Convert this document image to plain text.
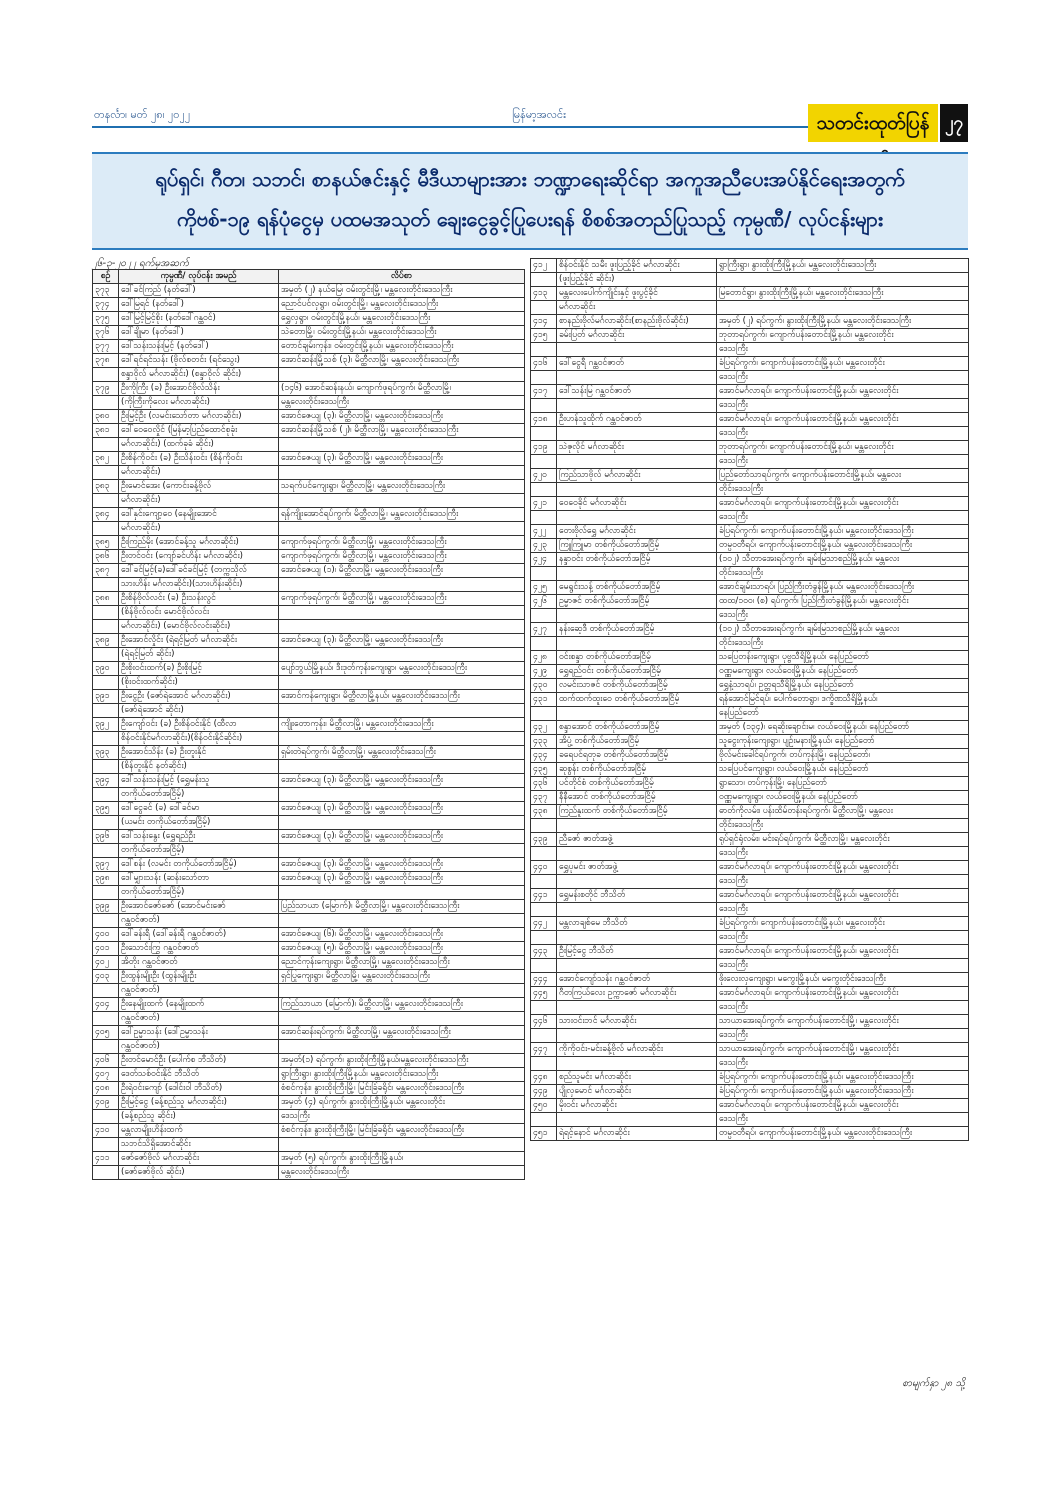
တနင်္လာ၊ မတ် ၂၈၊ ၂၀၂၂	မြန်မာ့အလင်း	သတင်းထုတ်ပြန် ၂၇
ရုပ်ရှင်၊ ဂီတ၊ သဘင်၊ စာနယ်ဇင်းနှင့် မီဒီယာများအား ဘဏ္ဍာရေးဆိုင်ရာ အကူအညီပေးအပ်နိုင်ရေးအတွက်
ကိုဗစ်-၁၉ ရန်ပုံငွေမှ ပထမအသုတ် ချေးငွေခွင့်ပြုပေးရန် စိစစ်အတည်ပြုသည့် ကုမ္ပဏီ/ လုပ်ငန်းများ
၂၆-၃-၂၀၂၂ ရက်မှအဆက်
စဉ်	ကုမ္ပဏီ/ လုပ်ငန်း အမည်	လိပ်စာ
၃၇၃	ဒေါ်ခင်ကြည် (နတ်ဒေါ်)	အမှတ် (၂) နယ်မြေ၊ ဝမ်းတွင်းမြို့၊ မန္တလေးတိုင်းဒေသကြီး
၃၇၄	ဒေါ်မြရင် (နတ်ဒေါ်)	ညောင်ပင်လှရွာ၊ ဝမ်းတွင်းမြို့၊ မန္တလေးတိုင်းဒေသကြီး
၃၇၅	ဒေါ်မြင့်မြင့်စိုး (နတ်ဒေါ်ဂန္ထဝင်)	ရွှေလှရွာ၊ ဝမ်းတွင်းမြို့နယ်၊ မန္တလေးတိုင်းဒေသကြီး
၃၇၆	ဒေါ်ချိုမာ (နတ်ဒေါ်)	သဲတောမြို့၊ ဝမ်းတွင်းမြို့နယ်၊ မန္တလေးတိုင်းဒေသကြီး
၃၇၇	ဒေါ်သန်းသန်းမြင့် (နတ်ဒေါ်)	တောင်ချမ်းကုန်း၊ ဝမ်းတွင်းမြို့နယ်၊ မန္တလေးတိုင်းဒေသကြီး
၃၇၈	ဒေါ်ရင်ရင်သန်း (ဗိုလ်စတင်း (ရင်သွေး)	အောင်ဆန်းမြို့သစ် (၃)၊ မိတ္ထီလာမြို့၊ မန္တလေးတိုင်းဒေသကြီး
	စန္ဒာဝိုလ် မင်္ဂလာဆိုင်း) (စန္ဒာဝိုလ် ဆိုင်း)	
၃၇၉	ဦးကိုကြီး (ခ) ဦးအောင်ဗိုလ်သိန်း	(၁၄၆) အောင်ဆန်းနယ်၊ ကျောက်ဖုရပ်ကွက်၊ မိတ္ထီလာမြို့၊
	(ကိုကြီးကိုလေး မင်္ဂလာဆိုင်း)	မန္တလေးတိုင်းဒေသကြီး
၃၈၀	ဦးမြင့်ဦး (လမင်းသော်တာ မင်္ဂလာဆိုင်း)	အောင်ဇေယျ (၃)၊ မိတ္ထီလာမြို့၊ မန္တလေးတိုင်းဒေသကြီး
၃၈၁	ဒေါ်ဝေဝေလှိုင် (မြန်မာ့ပြည်ထောင်စုခုံး	အောင်ဆန်းမြို့သစ် (၂)၊ မိတ္ထီလာမြို့၊ မန္တလေးတိုင်းဒေသကြီး
	မင်္ဂလာဆိုင်း) (ထက်ခုခံ ဆိုင်း)	
၃၈၂	ဦးစိန်ကိုဝင်း (ခ) ဦးသိန်းဝင်း (စိန်ကိုဝင်း	အောင်ဇေယျ (၃)၊ မိတ္ထီလာမြို့၊ မန္တလေးတိုင်းဒေသကြီး
	မင်္ဂလာဆိုင်း)	
၃၈၃	ဦးမောင်အေး (ကောင်းခန့်ဗိုလ်	သရက်ပင်ကျေးရွာ၊ မိတ္ထီလာမြို့၊ မန္တလေးတိုင်းဒေသကြီး
	မင်္ဂလာဆိုင်း)	
၃၈၄	ဒေါ်နှင်းကျော့ဝေ (နေမျိုးအောင်	ရန်ကျိုးအောင်ရပ်ကွက်၊ မိတ္ထီလာမြို့၊ မန္တလေးတိုင်းဒေသကြီး
	မင်္ဂလာဆိုင်း)	
၃၈၅	ဦးကြည်မိုး (အောင်ခန့်သူ မင်္ဂလာဆိုင်း)	ကျောက်ဖုရပ်ကွက်၊ မိတ္ထီလာမြို့၊ မန္တလေးတိုင်းဒေသကြီး
၃၈၆	ဦးတင်ဝင်း (ကျော်ခင်ဟိန်း မင်္ဂလာဆိုင်း)	ကျောက်ဖုရပ်ကွက်၊ မိတ္ထီလာမြို့၊ မန္တလေးတိုင်းဒေသကြီး
၃၈၇	ဒေါ်ခင်မြင့်(ခ)ဒေါ်ခင်ခင်မြင့် (တက္ကသိုလ်	အောင်ဇေယျ (၁)၊ မိတ္ထီလာမြို့၊ မန္တလေးတိုင်းဒေသကြီး
	သားဟိန်း မင်္ဂလာဆိုင်း)(သားဟိန်းဆိုင်း)	
၃၈၈	ဦးစိန်ဗိုလ်လင်း (ခ) ဦးသန်းလွင်	ကျောက်ဖုရပ်ကွက်၊ မိတ္ထီလာမြို့၊ မန္တလေးတိုင်းဒေသကြီး
	(စိန်ဗိုလ်လင်း မောင်ဗိုလ်လင်း	
	မင်္ဂလာဆိုင်း) (မောင်ဗိုလ်လင်းဆိုင်း)	
၃၈၉	ဦးအောင်လှိုင်း (ရဲရင့်မြတ် မင်္ဂလာဆိုင်း	အောင်ဇေယျ (၃)၊ မိတ္ထီလာမြို့၊ မန္တလေးတိုင်းဒေသကြီး
	(ရဲရင့်မြတ် ဆိုင်း)	
၃၉၀	ဦးစိုးဝင်းထက်(ခ) ဦးစိုးမြင့်	ပျော်ဘွယ်မြို့နယ်၊ ဒီးဒုတ်ကုန်းကျေးရွာ၊ မန္တလေးတိုင်းဒေသကြီး
	(စိုးဝင်းထက်ဆိုင်း)	
၃၉၁	ဦးငွေဦး (ဇော်ရဲအောင် မင်္ဂလာဆိုင်း)	အောင်ကန်ကျေးရွာ၊ မိတ္ထီလာမြို့နယ်၊ မန္တလေးတိုင်းဒေသကြီး
	(ဇော်ရဲအောင် ဆိုင်း)	
၃၉၂	ဦးကျော်ဝင်း (ခ) ဦးစိန်ဝင်းနိုင် (ထီလာ	ကျိုးတောကုန်း၊ မိတ္ထီလာမြို့၊ မန္တလေးတိုင်းဒေသကြီး
	စိန်ဝင်းနိုင်မင်္ဂလာဆိုင်း)(စိန်ဝင်းနိုင်ဆိုင်း)	
၃၉၃	ဦးအောင်သိန်း (ခ) ဦးတူးနိုင်	ရှမ်းတဲရပ်ကွက်၊ မိတ္ထီလာမြို့၊ မန္တလေးတိုင်းဒေသကြီး
	(စိန်တူးနိုင် နတ်ဆိုင်း)	
၃၉၄	ဒေါ်သန်းသန်းမြင့် (ရွှေမန်းသူ	အောင်ဇေယျ (၃)၊ မိတ္ထီလာမြို့၊ မန္တလေးတိုင်းဒေသကြီး
	တကိုယ်တော်အငြိမ့်)	
၃၉၅	ဒေါ်ငွေခင် (ခ) ဒေါ်ခင်မာ	အောင်ဇေယျ (၃)၊ မိတ္ထီလာမြို့၊ မန္တလေးတိုင်းဒေသကြီး
	(ယမင်း တကိုယ်တော်အငြိမ့်)	
၃၉၆	ဒေါ်သန်းနွေး (ရွှေရည်ဦး	အောင်ဇေယျ (၃)၊ မိတ္ထီလာမြို့၊ မန္တလေးတိုင်းဒေသကြီး
	တကိုယ်တော်အငြိမ့်)	
၃၉၇	ဒေါ်စန်း (လမင်း တကိုယ်တော်အငြိမ့်)	အောင်ဇေယျ (၃)၊ မိတ္ထီလာမြို့၊ မန္တလေးတိုင်းဒေသကြီး
၃၉၈	ဒေါ်မျှားသန်း (ဆန်းသော်တာ	အောင်ဇေယျ (၃)၊ မိတ္ထီလာမြို့၊ မန္တလေးတိုင်းဒေသကြီး
	တကိုယ်တော်အငြိမ့်)	
၃၉၉	ဦးအောင်ဇော်ဇော် (အောင်မင်းဇော်	ပြည်သာယာ (မြောက်)၊ မိတ္ထီလာမြို့၊ မန္တလေးတိုင်းဒေသကြီး
	ဂန္ထဝင်ဇာတ်)	
၄၀၀	ဒေါ်ခန်းရီ (ဒေါ်ခန်းရီ ဂန္ထဝင်ဇာတ်)	အောင်ဇေယျ (၆)၊ မိတ္ထီလာမြို့၊ မန္တလေးတိုင်းဒေသကြီး
၄၀၁	ဦးသောင်းကြွ ဂန္ထဝင်ဇာတ်	အောင်ဇေယျ (၅)၊ မိတ္ထီလာမြို့၊ မန္တလေးတိုင်းဒေသကြီး
၄၀၂	အိတိုး ဂန္ထဝင်ဇာတ်	ညောင်ကုန်းကျေးရွာ၊ မိတ္ထီလာမြို့၊ မန္တလေးတိုင်းဒေသကြီး
၄၀၃	ဦးထွန်းမျိုးဦး (ထွန်းမျိုးဦး	ရှင်ပြုကျေးရွာ၊ မိတ္ထီလာမြို့၊ မန္တလေးတိုင်းဒေသကြီး
	ဂန္ထဝင်ဇာတ်)	
၄၀၄	ဦးနေမျိုးထက် (နေမျိုးထက်	ကြည်သာယာ (မြောက်)၊ မိတ္ထီလာမြို့၊ မန္တလေးတိုင်းဒေသကြီး
	ဂန္ထဝင်ဇာတ်)	
၄၀၅	ဒေါ်ဥမ္မာသန်း (ဒေါ်ဥမ္မာသန်း	အောင်ဆန်းရပ်ကွက်၊ မိတ္ထီလာမြို့၊ မန္တလေးတိုင်းဒေသကြီး
	ဂန္ထဝင်ဇာတ်)	
၄၀၆	ဦးတင်မောင်ဦး (ပေါက်စ ဘီသိတ်)	အမှတ်(၁) ရပ်ကွက်၊ နွားထိုးကြီးမြို့နယ်၊မန္တလေးတိုင်းဒေသကြီး
၄၀၇	ဒေတ်သစ်ဝင်းနိုင် ဘီသိတ်	ရွာကြီးရွာ၊ နွားထိုးကြီးမြို့နယ်၊ မန္တလေးတိုင်းဒေသကြီး
၄၀၈	ဦးရဲဝင်းကျော် (ဒေါင်းဝါ ဘီသိတ်)	စံစင်ကုန်း၊ နွားထိုးကြီးမြို့၊ မြင်းခြံခရိုင်၊ မန္တလေးတိုင်းဒေသကြီး
၄၀၉	ဦးမြင့်ငွေ (ခန့်စည်သူ မင်္ဂလာဆိုင်း)	အမှတ် (၄) ရပ်ကွက်၊ နွားထိုးကြီးမြို့နယ်၊ မန္တလေးတိုင်း
	(ခန့်စည်သူ ဆိုင်း)	ဒေသကြီး
၄၁၀	မန္တလာမျိုးဟိန်းထက်	စံစင်ကုန်း၊ နွားထိုးကြီးမြို့၊ မြင်းခြံခရိုင်၊ မန္တလေးတိုင်းဒေသကြီး
	သဘင်သိရှိအောင်ဆိုင်း	
၄၁၁	ဇော်ဇော်ဗိုလ် မင်္ဂလာဆိုင်း	အမှတ် (၅) ရပ်ကွက်၊ နွားထိုးကြီးမြို့နယ်၊
	(ဇော်ဇော်ဗိုလ် ဆိုင်း)	မန္တလေးတိုင်းဒေသကြီး
၄၁၂	စိန်ဝင်းနိုင် သမီး ဖူးပြည့်ခိုင် မင်္ဂလာဆိုင်း	ရွာကြီးရွာ၊ နွားထိုးကြီးမြို့နယ်၊ မန္တလေးတိုင်းဒေသကြီး
	(ဖူးပြည့်ခိုင် ဆိုင်း)	
၄၁၃	မန္တလေးပေါက်ကျိုင်းနှင့် ဖူးပွင့်ခိုင်	မြတောင်ရွာ၊ နွားထိုးကြီးမြို့နယ်၊ မန္တလေးတိုင်းဒေသကြီး
	မင်္ဂလာဆိုင်း	
၄၁၄	စာနည်းဗိုလ်မင်္ဂလာဆိုင်း(စာနည်းဗိုလ်ဆိုင်း)	အမှတ် (၂) ရပ်ကွက်၊ နွားထိုးကြီးမြို့နယ်၊ မန္တလေးတိုင်းဒေသကြီး
၄၁၅	ခမ်းပြတ် မင်္ဂလာဆိုင်း	ဘုတာရပ်ကွက်၊ ကျောက်ပန်းတောင်းမြို့နယ်၊ မန္တလေးတိုင်း
		ဒေသကြီး
၄၁၆	ဒေါ်ငွေရီ ဂန္ထဝင်ဇာတ်	ခံပြရပ်ကွက်၊ ကျောက်ပန်းတောင်းမြို့နယ်၊ မန္တလေးတိုင်း
		ဒေသကြီး
၄၁၇	ဒေါ်သန်းမြ ဂန္ထဝင်ဇာတ်	အောင်မင်္ဂလာရပ်၊ ကျောက်ပန်းတောင်းမြို့နယ်၊ မန္တလေးတိုင်း
		ဒေသကြီး
၄၁၈	ဦးဟန်သူထိုက် ဂန္ထဝင်ဇာတ်	အောင်မင်္ဂလာရပ်၊ ကျောက်ပန်းတောင်းမြို့နယ်၊ မန္တလေးတိုင်း
		ဒေသကြီး
၄၁၉	သဲဇုလိုင် မင်္ဂလာဆိုင်း	ဘုတာရပ်ကွက်၊ ကျောက်ပန်းတောင်းမြို့နယ်၊ မန္တလေးတိုင်း
		ဒေသကြီး
၄၂၀	ကြည်သာဗိုလ် မင်္ဂလာဆိုင်း	ပြည်တော်သာရပ်ကွက်၊ ကျောက်ပန်းတောင်းမြို့နယ်၊ မန္တလေး
		တိုင်းဒေသကြီး
၄၂၁	ဝေဝေခိုင် မင်္ဂလာဆိုင်း	အောင်မင်္ဂလာရပ်၊ ကျောက်ပန်းတောင်းမြို့နယ်၊ မန္တလေးတိုင်း
		ဒေသကြီး
၄၂၂	တေးဗိုလ်ရွှေ မင်္ဂလာဆိုင်း	ခံပြရပ်ကွက်၊ ကျောက်ပန်းတောင်းမြို့နယ်၊ မန္တလေးတိုင်းဒေသကြီး
၄၂၃	ကြူကြူမာ တစ်ကိုယ်တော်အငြိမ့်	တမ္ပဝတီရပ်၊ ကျောက်ပန်းတောင်းမြို့နယ်၊ မန္တလေးတိုင်းဒေသကြီး
၄၂၄	နန္ဒာဝင်း တစ်ကိုယ်တော်အငြိမ့်	(၁၀၂) သီတာအေးရပ်ကွက်၊ ချမ်းမြသာစည်မြို့နယ်၊ မန္တလေး
		တိုင်းဒေသကြီး
၄၂၅	မေရွင်းသန့် တစ်ကိုယ်တော်အငြိမ့်	အောင်ချမ်းသာရပ်၊ ပြည်ကြီးတံခွန်မြို့နယ်၊ မန္တလေးတိုင်းဒေသကြီး
၄၂၆	ဥမ္မာဇင် တစ်ကိုယ်တော်အငြိမ့်	ထထ/၁၀၀၊ (စ) ရပ်ကွက်၊ ပြည်ကြီးတံခွန်မြို့နယ်၊ မန္တလေးတိုင်း
		ဒေသကြီး
၄၂၇	နန်းဆေ့ဒီ တစ်ကိုယ်တော်အငြိမ့်	(၁၀၂) သီတာအေးရပ်ကွက်၊ ချမ်းမြသာစည်မြို့နယ်၊ မန္တလေး
		တိုင်းဒေသကြီး
၄၂၈	ဝင်းစန္ဒာ တစ်ကိုယ်တော်အငြိမ့်	သပြေတန်းကျေးရွာ၊ ပုဗ္ဗသီရိမြို့နယ်၊ နေပြည်တော်
၄၂၉	ရွှေရည်ဝင်း တစ်ကိုယ်တော်အငြိမ့်	ဝဏ္ဏမကျေးရွာ၊ လယ်ဝေးမြို့နယ်၊ နေပြည်တော်
၄၃၀	လမင်းသာဇင် တစ်ကိုယ်တော်အငြိမ့်	ရွှေနံ့သာရပ်၊ ဥတ္တရသီရိမြို့နယ်၊ နေပြည်တော်
၄၃၁	ထက်ထက်ထူးဝေ တစ်ကိုယ်တော်အငြိမ့်	ရန်အောင်မြင်ရပ်၊ ပေါက်တောရွာ၊ ဒက္ခိဏသီရိမြို့နယ်၊
		နေပြည်တော်
၄၃၂	စန္ဒာအောင် တစ်ကိုယ်တော်အငြိမ့်	အမှတ် (၁၃၄)၊ ရေဆိုးချောင်းမ၊ လယ်ဝေးမြို့နယ်၊ နေပြည်တော်
၄၃၃	အိပ္ပံ့ တစ်ကိုယ်တော်အငြိမ့်	သူငွေးကုန်းကျေးရွာ၊ ပျဉ်းမနားမြို့နယ်၊ နေပြည်တော်
၄၃၄	ခရေပင်ရတုခ တစ်ကိုယ်တော်အငြိမ့်	ဗိုလ်မင်းခေါင်ရပ်ကွက်၊ တပ်ကုန်းမြို့၊ နေပြည်တော်၊
၄၃၅	ဆုစွန်း တစ်ကိုယ်တော်အငြိမ့်	သပြေပင်ကျေးရွာ၊ လယ်ဝေးမြို့နယ်၊ နေပြည်တော်
၄၃၆	ပင်တိုင်စံ တစ်ကိုယ်တော်အငြိမ့်	ရွာသော၊ တပ်ကုန်းမြို့၊ နေပြည်တော်
၄၃၇	နီနီအောင် တစ်ကိုယ်တော်အငြိမ့်	ဝဏ္ဏမကျေးရွာ၊ လယ်ဝေးမြို့နယ်၊ နေပြည်တော်
၄၃၈	ကြည်နူးထက် တစ်ကိုယ်တော်အငြိမ့်	ဓာတ်ကိုလမ်း၊ ပန်းထိမ်တန်းရပ်ကွက်၊ မိတ္ထီလာမြို့၊ မန္တလေး
		တိုင်းဒေသကြီး
၄၃၉	ညီဇော် ဇာတ်အဖွဲ့	ရုပ်ရှင်ရုံလမ်း၊ မင်းရပ်ရပ်ကွက်၊ မိတ္ထီလာမြို့၊ မန္တလေးတိုင်း
		ဒေသကြီး
၄၄၀	ရွှေပုမင်း ဇာတ်အဖွဲ့	အောင်မင်္ဂလာရပ်၊ ကျောက်ပန်းတောင်းမြို့နယ်၊ မန္တလေးတိုင်း
		ဒေသကြီး
၄၄၁	ရွှေမန်းစတိုင် ဘီသိတ်	အောင်မင်္ဂလာရပ်၊ ကျောက်ပန်းတောင်းမြို့နယ်၊ မန္တလေးတိုင်း
		ဒေသကြီး
၄၄၂	မန္တလာချစ်မေ ဘီသိတ်	ခံပြရပ်ကွက်၊ ကျောက်ပန်းတောင်းမြို့နယ်၊ မန္တလေးတိုင်း
		ဒေသကြီး
၄၄၃	ဦးမြင့်ငွေ ဘီသိတ်	အောင်မင်္ဂလာရပ်၊ ကျောက်ပန်းတောင်းမြို့နယ်၊ မန္တလေးတိုင်း
		ဒေသကြီး
၄၄၄	အောင်ကျော်သန်း ဂန္ထဝင်ဇာတ်	ဖိုးလေးလှကျေးရွာ၊ မကွေးမြို့နယ်၊ မကွေးတိုင်းဒေသကြီး
၄၄၅	ဂီတကြယ်လေး ဥက္ကာဇော် မင်္ဂလာဆိုင်း	အောင်မင်္ဂလာရပ်၊ ကျောက်ပန်းတောင်းမြို့နယ်၊ မန္တလေးတိုင်း
		ဒေသကြီး
၄၄၆	သားဝင်းဘင် မင်္ဂလာဆိုင်း	သာယာအေးရပ်ကွက်၊ ကျောက်ပန်းတောင်းမြို့၊ မန္တလေးတိုင်း
		ဒေသကြီး
၄၄၇	ကိုကိုဝင်း-မင်းခန့်ဗိုလ် မင်္ဂလာဆိုင်း	သာယာအေးရပ်ကွက်၊ ကျောက်ပန်းတောင်းမြို့၊ မန္တလေးတိုင်း
		ဒေသကြီး
၄၄၈	စည်သူမင်း မင်္ဂလာဆိုင်း	ခံပြရပ်ကွက်၊ ကျောက်ပန်းတောင်းမြို့နယ်၊ မန္တလေးတိုင်းဒေသကြီး
၄၄၉	ပျိုလှမောင် မင်္ဂလာဆိုင်း	ခံပြရပ်ကွက်၊ ကျောက်ပန်းတောင်းမြို့နယ်၊ မန္တလေးတိုင်းဒေသကြီး
၄၅၀	မိုးဝင်း မင်္ဂလာဆိုင်း	အောင်မင်္ဂလာရပ်၊ ကျောက်ပန်းတောင်းမြို့နယ်၊ မန္တလေးတိုင်း
		ဒေသကြီး
၄၅၁	ရဲရင့်နောင် မင်္ဂလာဆိုင်း	တမ္ပဝတီရပ်၊ ကျောက်ပန်းတောင်းမြို့နယ်၊ မန္တလေးတိုင်းဒေသကြီး
စာမျက်နှာ ၂၈ သို့
